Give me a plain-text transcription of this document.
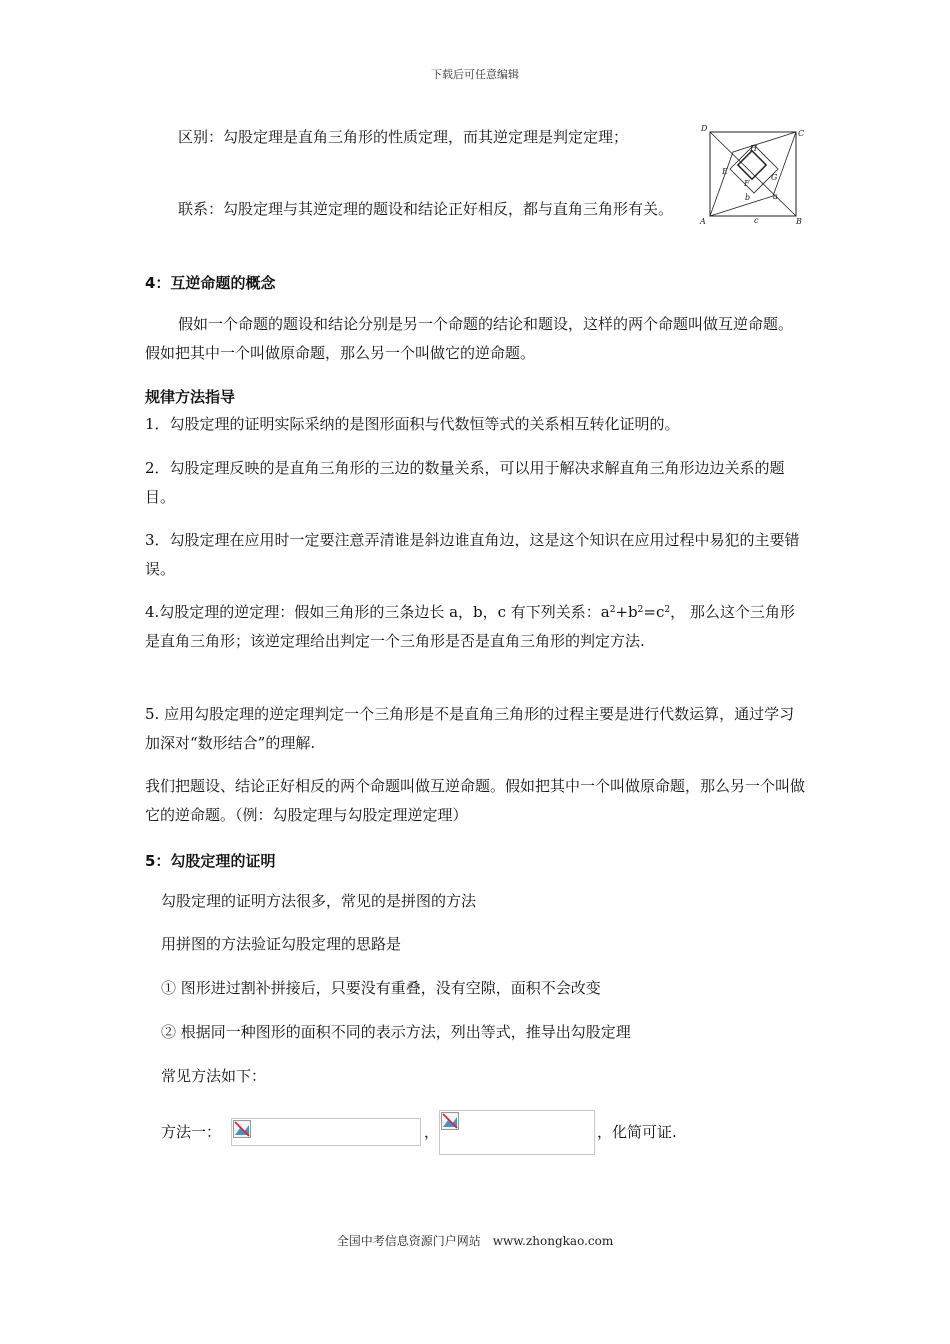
下载后可任意编辑
区别：勾股定理是直角三角形的性质定理，而其逆定理是判定定理；
联系：勾股定理与其逆定理的题设和结论正好相反，都与直角三角形有关。
D
C
A	B
H
E
G
F
a
b
c
4：互逆命题的概念
假如一个命题的题设和结论分别是另一个命题的结论和题设，这样的两个命题叫做互逆命题。假如把其中一个叫做原命题，那么另一个叫做它的逆命题。
规律方法指导
1．勾股定理的证明实际采纳的是图形面积与代数恒等式的关系相互转化证明的。
2．勾股定理反映的是直角三角形的三边的数量关系，可以用于解决求解直角三角形边边关系的题目。
3．勾股定理在应用时一定要注意弄清谁是斜边谁直角边，这是这个知识在应用过程中易犯的主要错误。
4.勾股定理的逆定理：假如三角形的三条边长 a，b，c 有下列关系：$a^2+b^2=c^2$， 那么这个三角形是直角三角形；该逆定理给出判定一个三角形是否是直角三角形的判定方法.
5. 应用勾股定理的逆定理判定一个三角形是不是直角三角形的过程主要是进行代数运算，通过学习加深对“数形结合”的理解.
我们把题设、结论正好相反的两个命题叫做互逆命题。假如把其中一个叫做原命题，那么另一个叫做它的逆命题。（例：勾股定理与勾股定理逆定理）
5：勾股定理的证明
勾股定理的证明方法很多，常见的是拼图的方法
用拼图的方法验证勾股定理的思路是
① 图形进过割补拼接后，只要没有重叠，没有空隙，面积不会改变
② 根据同一种图形的面积不同的表示方法，列出等式，推导出勾股定理
常见方法如下：
方法一：	，	，化简可证.
全国中考信息资源门户网站　www.zhongkao.com
